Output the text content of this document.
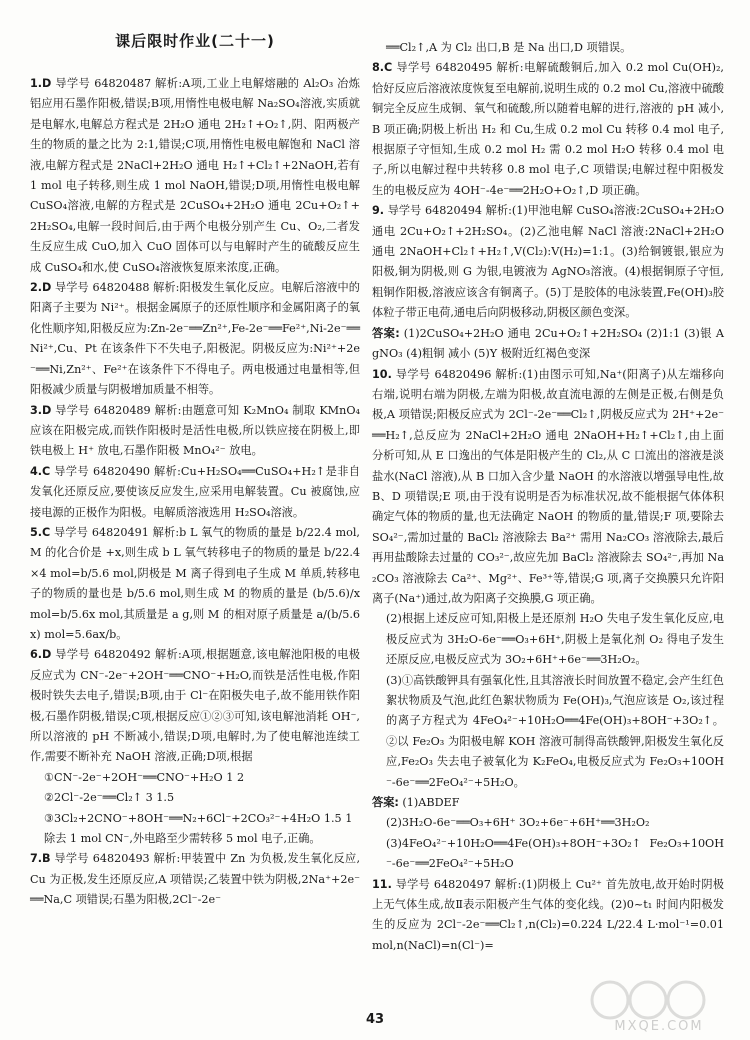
课后限时作业(二十一)

1.D 导学号 64820487 解析:A项,工业上电解熔融的 Al₂O₃ 冶炼铝应用石墨作阳极,错误;B项,用惰性电极电解 Na₂SO₄溶液,实质就是电解水,电解总方程式是 2H₂O 通电 2H₂↑+O₂↑,阴、阳两极产生的物质的量之比为 2:1,错误;C项,用惰性电极电解饱和 NaCl 溶液,电解方程式是 2NaCl+2H₂O 通电 H₂↑+Cl₂↑+2NaOH,若有 1 mol 电子转移,则生成 1 mol NaOH,错误;D项,用惰性电极电解 CuSO₄溶液,电解的方程式是 2CuSO₄+2H₂O 通电 2Cu+O₂↑+2H₂SO₄,电解一段时间后,由于两个电极分别产生 Cu、O₂,二者发生反应生成 CuO,加入 CuO 固体可以与电解时产生的硫酸反应生成 CuSO₄和水,使 CuSO₄溶液恢复原来浓度,正确。

2.D 导学号 64820488 解析:阳极发生氧化反应。电解后溶液中的阳离子主要为 Ni²⁺。根据金属原子的还原性顺序和金属阳离子的氧化性顺序知,阳极反应为:Zn-2e⁻══Zn²⁺,Fe-2e⁻══Fe²⁺,Ni-2e⁻══Ni²⁺,Cu、Pt 在该条件下不失电子,阳极泥。阴极反应为:Ni²⁺+2e⁻══Ni,Zn²⁺、Fe²⁺在该条件下不得电子。两电极通过电量相等,但阳极减少质量与阴极增加质量不相等。

3.D 导学号 64820489 解析:由题意可知 K₂MnO₄ 制取 KMnO₄应该在阳极完成,而铁作阳极时是活性电极,所以铁应接在阴极上,即铁电极上 H⁺ 放电,石墨作阳极 MnO₄²⁻ 放电。

4.C 导学号 64820490 解析:Cu+H₂SO₄══CuSO₄+H₂↑是非自发氧化还原反应,要使该反应发生,应采用电解装置。Cu 被腐蚀,应接电源的正极作为阳极。电解质溶液选用 H₂SO₄溶液。

5.C 导学号 64820491 解析:b L 氧气的物质的量是 b/22.4 mol,M 的化合价是 +x,则生成 b L 氧气转移电子的物质的量是 b/22.4×4 mol=b/5.6 mol,阴极是 M 离子得到电子生成 M 单质,转移电子的物质的量也是 b/5.6 mol,则生成 M 的物质的量是 (b/5.6)/x mol=b/5.6x mol,其质量是 a g,则 M 的相对原子质量是 a/(b/5.6x) mol=5.6ax/b。

6.D 导学号 64820492 解析:A项,根据题意,该电解池阳极的电极反应式为 CN⁻-2e⁻+2OH⁻══CNO⁻+H₂O,而铁是活性电极,作阳极时铁失去电子,错误;B项,由于 Cl⁻在阳极失电子,故不能用铁作阳极,石墨作阴极,错误;C项,根据反应①②③可知,该电解池消耗 OH⁻,所以溶液的 pH 不断减小,错误;D项,电解时,为了使电解池连续工作,需要不断补充 NaOH 溶液,正确;D项,根据

①CN⁻-2e⁻+2OH⁻══CNO⁻+H₂O 1 2

②2Cl⁻-2e⁻══Cl₂↑ 3 1.5

③3Cl₂+2CNO⁻+8OH⁻══N₂+6Cl⁻+2CO₃²⁻+4H₂O 1.5 1

除去 1 mol CN⁻,外电路至少需转移 5 mol 电子,正确。

7.B 导学号 64820493 解析:甲装置中 Zn 为负极,发生氧化反应,Cu 为正极,发生还原反应,A 项错误;乙装置中铁为阴极,2Na⁺+2e⁻══Na,C 项错误;石墨为阳极,2Cl⁻-2e⁻

══Cl₂↑,A 为 Cl₂ 出口,B 是 Na 出口,D 项错误。

8.C 导学号 64820495 解析:电解硫酸铜后,加入 0.2 mol Cu(OH)₂,恰好反应后溶液浓度恢复至电解前,说明生成的 0.2 mol Cu,溶液中硫酸铜完全反应生成铜、氧气和硫酸,所以随着电解的进行,溶液的 pH 减小,B 项正确;阴极上析出 H₂ 和 Cu,生成 0.2 mol Cu 转移 0.4 mol 电子,根据原子守恒知,生成 0.2 mol H₂ 需 0.2 mol H₂O 转移 0.4 mol 电子,所以电解过程中共转移 0.8 mol 电子,C 项错误;电解过程中阳极发生的电极反应为 4OH⁻-4e⁻══2H₂O+O₂↑,D 项正确。

9. 导学号 64820494 解析:(1)甲池电解 CuSO₄溶液:2CuSO₄+2H₂O 通电 2Cu+O₂↑+2H₂SO₄。(2)乙池电解 NaCl 溶液:2NaCl+2H₂O 通电 2NaOH+Cl₂↑+H₂↑,V(Cl₂):V(H₂)=1:1。(3)给铜镀银,银应为阳极,铜为阴极,则 G 为银,电镀液为 AgNO₃溶液。(4)根据铜原子守恒,粗铜作阳极,溶液应该含有铜离子。(5)丁是胶体的电泳装置,Fe(OH)₃胶体粒子带正电荷,通电后向阴极移动,阴极区颜色变深。

答案: (1)2CuSO₄+2H₂O 通电 2Cu+O₂↑+2H₂SO₄ (2)1:1 (3)银 AgNO₃ (4)粗铜 减小 (5)Y 极附近红褐色变深

10. 导学号 64820496 解析:(1)由图示可知,Na⁺(阳离子)从左端移向右端,说明右端为阴极,左端为阳极,故直流电源的左侧是正极,右侧是负极,A 项错误;阳极反应式为 2Cl⁻-2e⁻══Cl₂↑,阴极反应式为 2H⁺+2e⁻══H₂↑,总反应为 2NaCl+2H₂O 通电 2NaOH+H₂↑+Cl₂↑,由上面分析可知,从 E 口逸出的气体是阳极产生的 Cl₂,从 C 口流出的溶液是淡盐水(NaCl 溶液),从 B 口加入含少量 NaOH 的水溶液以增强导电性,故 B、D 项错误;E 项,由于没有说明是否为标准状况,故不能根据气体体积确定气体的物质的量,也无法确定 NaOH 的物质的量,错误;F 项,要除去 SO₄²⁻,需加过量的 BaCl₂ 溶液除去 Ba²⁺ 需用 Na₂CO₃ 溶液除去,最后再用盐酸除去过量的 CO₃²⁻,故应先加 BaCl₂ 溶液除去 SO₄²⁻,再加 Na₂CO₃ 溶液除去 Ca²⁺、Mg²⁺、Fe³⁺等,错误;G 项,离子交换膜只允许阳离子(Na⁺)通过,故为阳离子交换膜,G 项正确。

(2)根据上述反应可知,阳极上是还原剂 H₂O 失电子发生氧化反应,电极反应式为 3H₂O-6e⁻══O₃+6H⁺,阴极上是氧化剂 O₂ 得电子发生还原反应,电极反应式为 3O₂+6H⁺+6e⁻══3H₂O₂。

(3)①高铁酸钾具有强氧化性,且其溶液长时间放置不稳定,会产生红色絮状物质及气泡,此红色絮状物质为 Fe(OH)₃,气泡应该是 O₂,该过程的离子方程式为 4FeO₄²⁻+10H₂O══4Fe(OH)₃+8OH⁻+3O₂↑。②以 Fe₂O₃ 为阳极电解 KOH 溶液可制得高铁酸钾,阳极发生氧化反应,Fe₂O₃ 失去电子被氧化为 K₂FeO₄,电极反应式为 Fe₂O₃+10OH⁻-6e⁻══2FeO₄²⁻+5H₂O。

答案: (1)ABDEF

(2)3H₂O-6e⁻══O₃+6H⁺ 3O₂+6e⁻+6H⁺══3H₂O₂

(3)4FeO₄²⁻+10H₂O══4Fe(OH)₃+8OH⁻+3O₂↑ Fe₂O₃+10OH⁻-6e⁻══2FeO₄²⁻+5H₂O

11. 导学号 64820497 解析:(1)阴极上 Cu²⁺ 首先放电,故开始时阴极上无气体生成,故Ⅱ表示阳极产生气体的变化线。(2)0~t₁ 时间内阳极发生的反应为 2Cl⁻-2e⁻══Cl₂↑,n(Cl₂)=0.224 L/22.4 L·mol⁻¹=0.01 mol,n(NaCl)=n(Cl⁻)=

43	MXQE.COM
